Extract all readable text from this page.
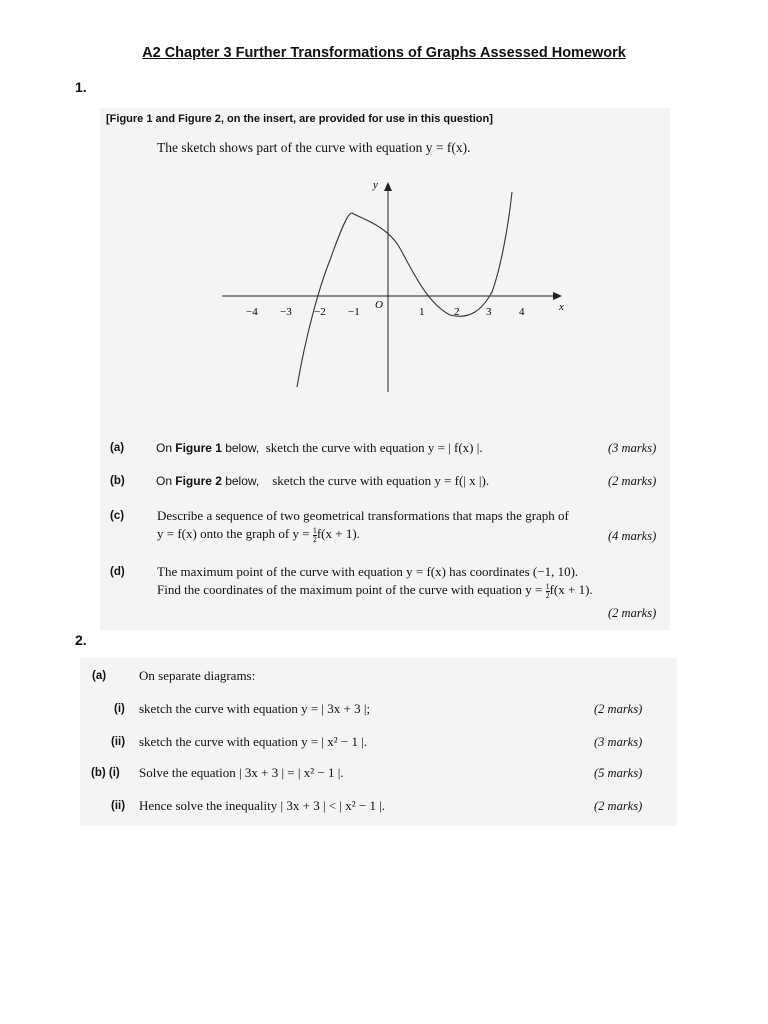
A2 Chapter 3 Further Transformations of Graphs Assessed Homework
1.
[Figure 1 and Figure 2, on the insert, are provided for use in this question]
The sketch shows part of the curve with equation y = f(x).
x
y
O
−4 −3 −2 −1	1	2 3	4
(a)	On Figure 1 below, sketch the curve with equation y = | f(x) |.	(3 marks)
(b)	On Figure 2 below, sketch the curve with equation y = f(| x |).	(2 marks)
(c)	Describe a sequence of two geometrical transformations that maps the graph of
y = f(x) onto the graph of $y = \frac{1}{2} f(x + 1)$.	(4 marks)
(d) The maximum point of the curve with equation y = f(x) has coordinates (−1, 10).
Find the coordinates of the maximum point of the curve with equation $y = \frac{1}{2} f(x + 1)$.
(2 marks)
2.
(a)	On separate diagrams:
(i) sketch the curve with equation y = | 3x + 3 |;	(2 marks)
(ii) sketch the curve with equation y = | x² − 1 |.	(3 marks)
(b) (i) Solve the equation | 3x + 3 | = | x² − 1 |.	(5 marks)
(ii) Hence solve the inequality | 3x + 3 | < | x² − 1 |.	(2 marks)
